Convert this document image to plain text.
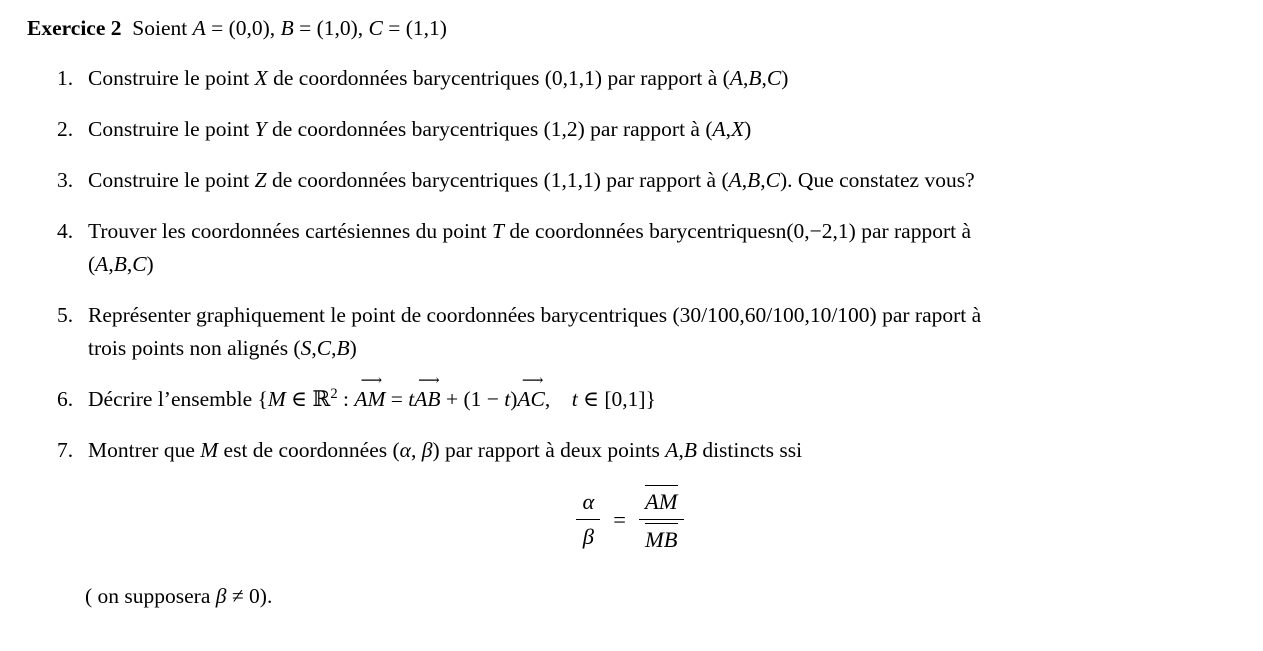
Exercice 2  Soient A = (0,0), B = (1,0), C = (1,1)
1. Construire le point X de coordonnées barycentriques (0,1,1) par rapport à (A,B,C)
2. Construire le point Y de coordonnées barycentriques (1,2) par rapport à (A,X)
3. Construire le point Z de coordonnées barycentriques (1,1,1) par rapport à (A,B,C). Que constatez vous?
4. Trouver les coordonnées cartésiennes du point T de coordonnées barycentriquesn(0,−2,1) par rapport à
(A,B,C)
5. Représenter graphiquement le point de coordonnées barycentriques (30/100,60/100,10/100) par raport à
trois points non alignés (S,C,B)
6. Décrire l’ensemble {M ∈ ℝ$^2$ : AM ⟶ = tAB ⟶ + (1 − t)AC ⟶,    t ∈ [0,1]}
7. Montrer que M est de coordonnées (α, β) par rapport à deux points A,B distincts ssi
$\frac{\alpha}{\beta} = \frac{AM}{MB}$
( on supposera β ≠ 0).
